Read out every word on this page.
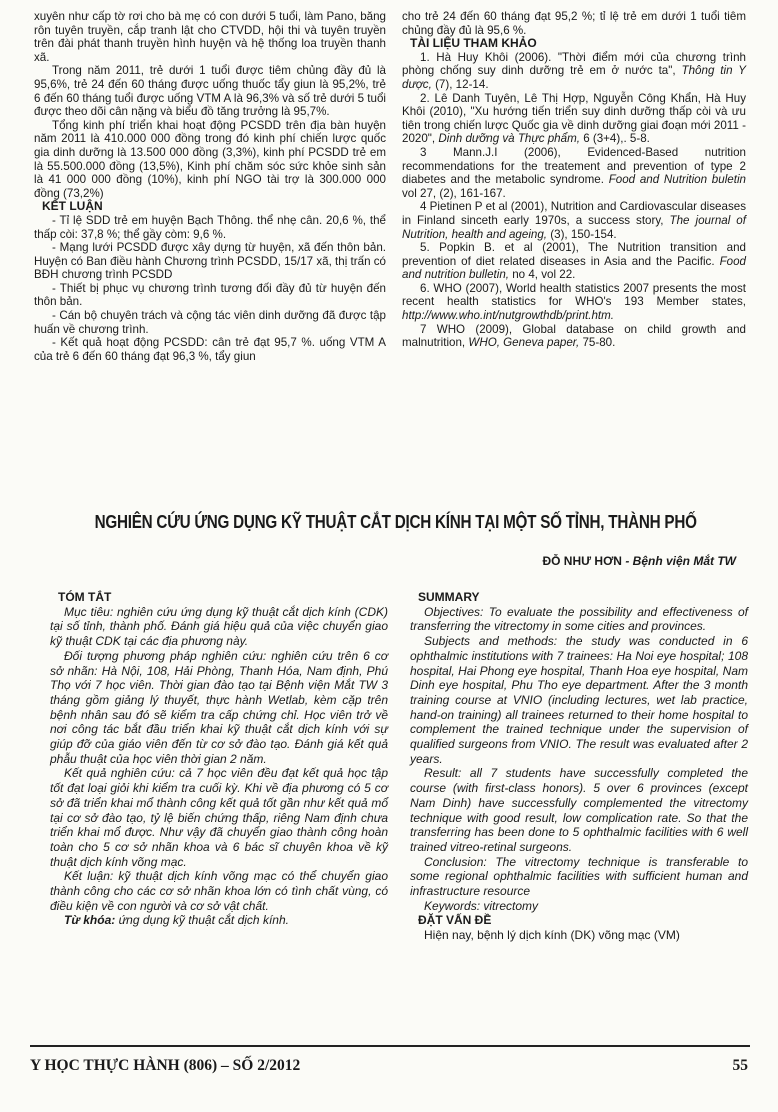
xuyên như cấp tờ rơi cho bà mẹ có con dưới 5 tuổi, làm Pano, băng rôn tuyên truyền, cắp tranh lật cho CTVDD, hội thi và tuyên truyền trên đài phát thanh truyền hình huyện và hệ thống loa truyền thanh xã.

Trong năm 2011, trẻ dưới 1 tuổi được tiêm chủng đầy đủ là 95,6%, trẻ 24 đến 60 tháng được uống thuốc tẩy giun là 95,2%, trẻ 6 đến 60 tháng tuổi được uống VTM A là 96,3% và số trẻ dưới 5 tuổi được theo dõi cân nặng và biểu đồ tăng trưởng là 95,7%.

Tổng kinh phí triển khai hoạt động PCSDD trên địa bàn huyện năm 2011 là 410.000 000 đồng trong đó kinh phí chiến lược quốc gia dinh dưỡng là 13.500 000 đồng (3,3%), kinh phí PCSDD trẻ em là 55.500.000 đồng (13,5%), Kinh phí chăm sóc sức khỏe sinh sản là 41 000 000 đồng (10%), kinh phí NGO tài trợ là 300.000 000 đồng (73,2%)

KẾT LUẬN

- Tỉ lệ SDD trẻ em huyện Bạch Thông. thể nhẹ cân. 20,6 %, thể thấp còi: 37,8 %; thể gầy còm: 9,6 %.

- Mạng lưới PCSDD được xây dựng từ huyện, xã đến thôn bản. Huyện có Ban điều hành Chương trình PCSDD, 15/17 xã, thị trấn có BĐH chương trình PCSDD

- Thiết bị phục vụ chương trình tương đối đầy đủ từ huyện đến thôn bản.

- Cán bộ chuyên trách và cộng tác viên dinh dưỡng đã được tập huấn về chương trình.

- Kết quả hoạt động PCSDD: cân trẻ đạt 95,7 %. uống VTM A của trẻ 6 đến 60 tháng đạt 96,3 %, tẩy giun

cho trẻ 24 đến 60 tháng đạt 95,2 %; tỉ lệ trẻ em dưới 1 tuổi tiêm chủng đầy đủ là 95,6 %.

TÀI LIỆU THAM KHẢO

1. Hà Huy Khôi (2006). "Thời điểm mới của chương trình phòng chống suy dinh dưỡng trẻ em ở nước ta", Thông tin Y dược, (7), 12-14.

2. Lê Danh Tuyên, Lê Thị Hợp, Nguyễn Công Khẩn, Hà Huy Khôi (2010), "Xu hướng tiến triển suy dinh dưỡng thấp còi và ưu tiên trong chiến lược Quốc gia về dinh dưỡng giai đoạn mới 2011 - 2020", Dinh dưỡng và Thực phẩm, 6 (3+4),. 5-8.

3 Mann.J.I (2006), Evidenced-Based nutrition recommendations for the treatement and prevention of type 2 diabetes and the metabolic syndrome. Food and Nutrition buletin vol 27, (2), 161-167.

4 Pietinen P et al (2001), Nutrition and Cardiovascular diseases in Finland sinceth early 1970s, a success story, The journal of Nutrition, health and ageing, (3), 150-154.

5. Popkin B. et al (2001), The Nutrition transition and prevention of diet related diseases in Asia and the Pacific. Food and nutrition bulletin, no 4, vol 22.

6. WHO (2007), World health statistics 2007 presents the most recent health statistics for WHO's 193 Member states, http://www.who.int/nutgrowthdb/print.htm.

7 WHO (2009), Global database on child growth and malnutrition, WHO, Geneva paper, 75-80.

NGHIÊN CỨU ỨNG DỤNG KỸ THUẬT CẮT DỊCH KÍNH TẠI MỘT SỐ TỈNH, THÀNH PHỐ
ĐỖ NHƯ HƠN - Bệnh viện Mắt TW

TÓM TẮT

Mục tiêu: nghiên cứu ứng dụng kỹ thuật cắt dịch kính (CDK) tại số tỉnh, thành phố. Đánh giá hiệu quả của việc chuyển giao kỹ thuật CDK tại các địa phương này.

Đối tượng phương pháp nghiên cứu: nghiên cứu trên 6 cơ sở nhãn: Hà Nội, 108, Hải Phòng, Thanh Hóa, Nam định, Phú Thọ với 7 học viên. Thời gian đào tạo tại Bệnh viện Mắt TW 3 tháng gồm giảng lý thuyết, thực hành Wetlab, kèm cặp trên bệnh nhân sau đó sẽ kiểm tra cấp chứng chỉ. Học viên trở về nơi công tác bắt đầu triển khai kỹ thuật cắt dịch kính với sự giúp đỡ của giáo viên đến từ cơ sở đào tạo. Đánh giá kết quả phẫu thuật của học viên thời gian 2 năm.

Kết quả nghiên cứu: cả 7 học viên đều đạt kết quả học tập tốt đạt loại giỏi khi kiểm tra cuối kỳ. Khi về địa phương có 5 cơ sở đã triển khai mổ thành công kết quả tốt gần như kết quả mổ tại cơ sở đào tạo, tỷ lệ biến chứng thấp, riêng Nam định chưa triển khai mổ được. Như vậy đã chuyển giao thành công hoàn toàn cho 5 cơ sở nhãn khoa và 6 bác sĩ chuyên khoa về kỹ thuật dịch kính võng mạc.

Kết luận: kỹ thuật dịch kính võng mạc có thể chuyển giao thành công cho các cơ sở nhãn khoa lớn có tình chất vùng, có điều kiện về con người và cơ sở vật chất.

Từ khóa: ứng dụng kỹ thuật cắt dịch kính.

SUMMARY

Objectives: To evaluate the possibility and effectiveness of transferring the vitrectomy in some cities and provinces.

Subjects and methods: the study was conducted in 6 ophthalmic institutions with 7 trainees: Ha Noi eye hospital; 108 hospital, Hai Phong eye hospital, Thanh Hoa eye hospital, Nam Dinh eye hospital, Phu Tho eye department. After the 3 month training course at VNIO (including lectures, wet lab practice, hand-on training) all trainees returned to their home hospital to complement the trained technique under the supervision of qualified surgeons from VNIO. The result was evaluated after 2 years.

Result: all 7 students have successfully completed the course (with first-class honors). 5 over 6 provinces (except Nam Dinh) have successfully complemented the vitrectomy technique with good result, low complication rate. So that the transferring has been done to 5 ophthalmic facilities with 6 well trained vitreo-retinal surgeons.

Conclusion: The vitrectomy technique is transferable to some regional ophthalmic facilities with sufficient human and infrastructure resource

Keywords: vitrectomy

ĐẶT VẤN ĐỀ

Hiện nay, bệnh lý dịch kính (DK) võng mạc (VM)

Y HỌC THỰC HÀNH (806) – SỐ 2/2012	55
